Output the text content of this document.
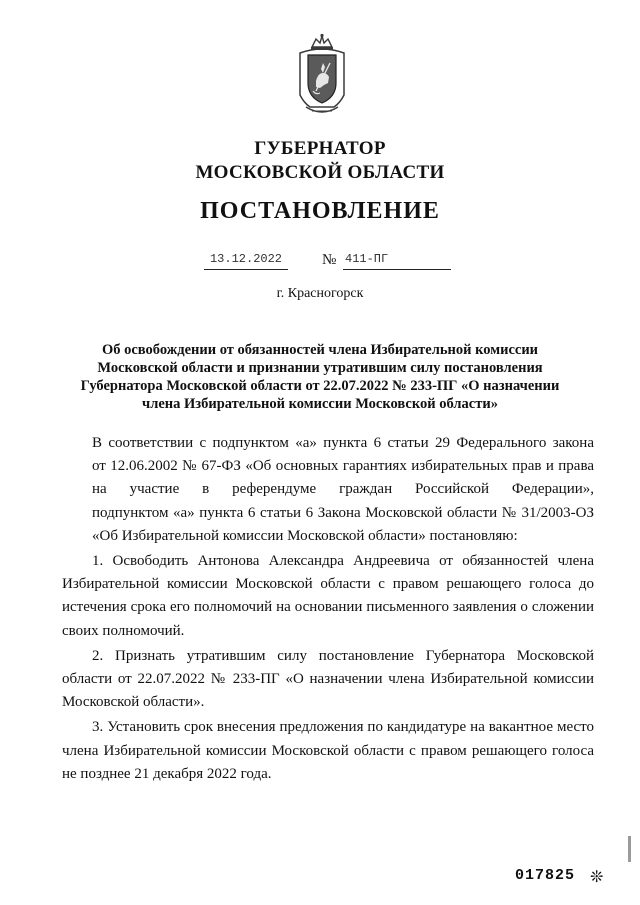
ГУБЕРНАТОР
МОСКОВСКОЙ ОБЛАСТИ
ПОСТАНОВЛЕНИЕ
13.12.2022	№ 411-ПГ
г. Красногорск
Об освобождении от обязанностей члена Избирательной комиссии
Московской области и признании утратившим силу постановления
Губернатора Московской области от 22.07.2022 № 233-ПГ «О назначении
члена Избирательной комиссии Московской области»

В соответствии с подпунктом «а» пункта 6 статьи 29 Федерального закона
от 12.06.2002 № 67-ФЗ «Об основных гарантиях избирательных прав и права
на участие в референдуме граждан Российской Федерации»,
подпунктом «а» пункта 6 статьи 6 Закона Московской области № 31/2003-ОЗ
«Об Избирательной комиссии Московской области» постановляю:

1. Освободить Антонова Александра Андреевича от обязанностей члена Избирательной комиссии Московской области с правом решающего голоса до истечения срока его полномочий на основании письменного заявления о сложении своих полномочий.

2. Признать утратившим силу постановление Губернатора Московской области от 22.07.2022 № 233-ПГ «О назначении члена Избирательной комиссии Московской области».

3. Установить срок внесения предложения по кандидатуре на вакантное место члена Избирательной комиссии Московской области с правом решающего голоса не позднее 21 декабря 2022 года.

017825 ❊
